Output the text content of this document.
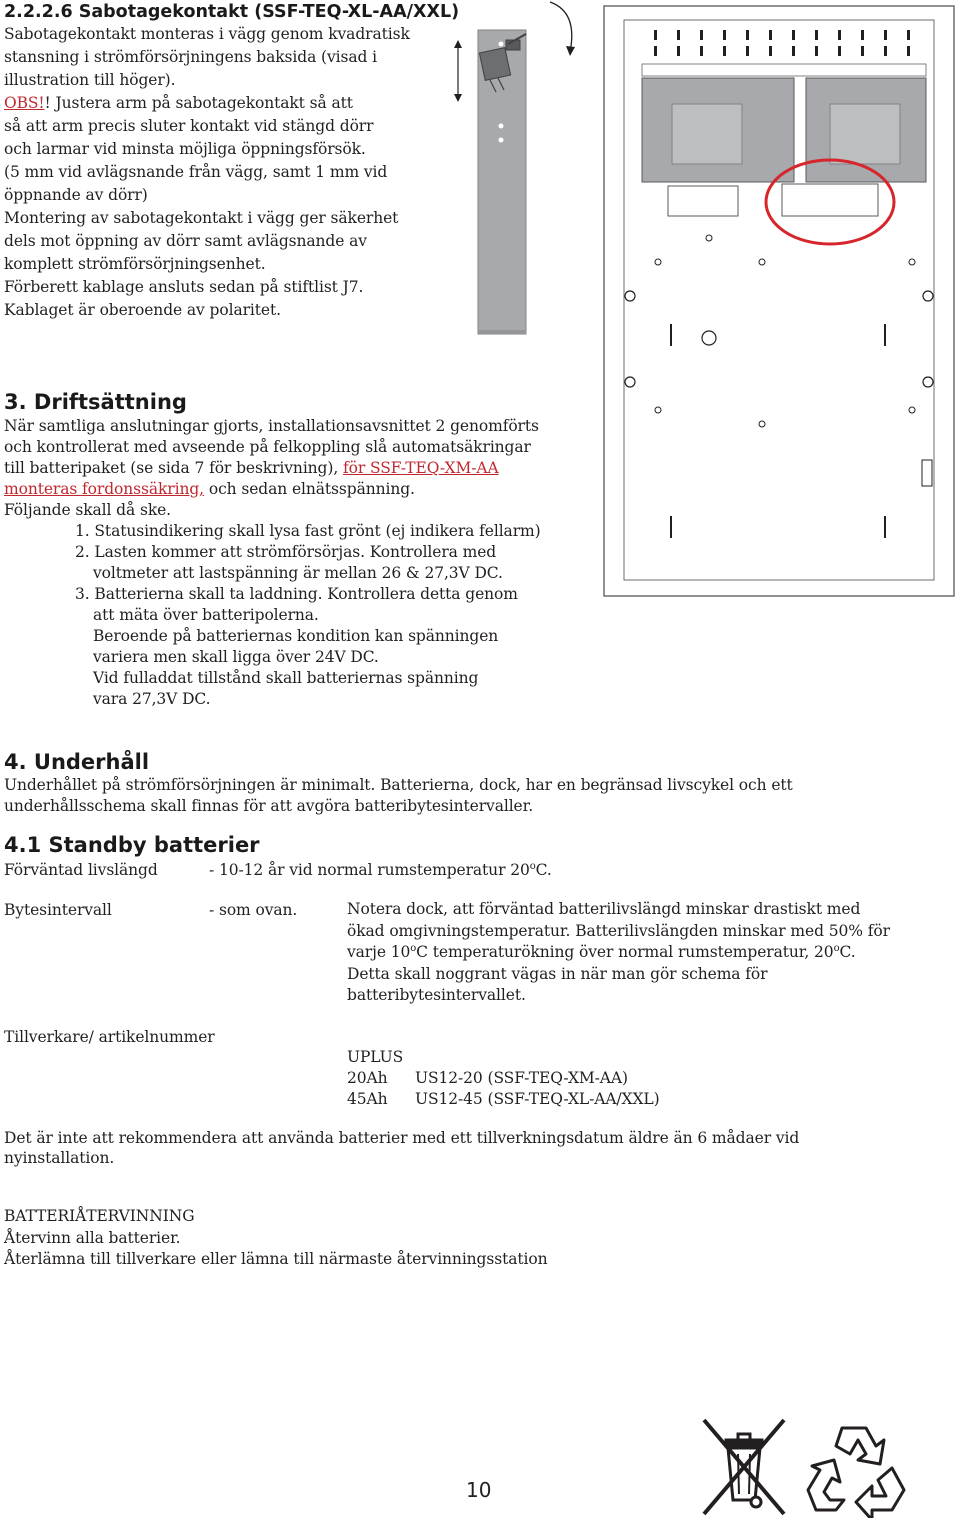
2.2.2.6 Sabotagekontakt (SSF-TEQ-XL-AA/XXL)
Sabotagekontakt monteras i vägg genom kvadratisk
stansning i strömförsörjningens baksida (visad i
illustration till höger).
OBS!! Justera arm på sabotagekontakt så att
så att arm precis sluter kontakt vid stängd dörr
och larmar vid minsta möjliga öppningsförsök.
(5 mm vid avlägsnande från vägg, samt 1 mm vid
öppnande av dörr)
Montering av sabotagekontakt i vägg ger säkerhet
dels mot öppning av dörr samt avlägsnande av
komplett strömförsörjningsenhet.
Förberett kablage ansluts sedan på stiftlist J7.
Kablaget är oberoende av polaritet.
3. Driftsättning
När samtliga anslutningar gjorts, installationsavsnittet 2 genomförts
och kontrollerat med avseende på felkoppling slå automatsäkringar
till batteripaket (se sida 7 för beskrivning), för SSF-TEQ-XM-AA
monteras fordonssäkring, och sedan elnätsspänning.
Följande skall då ske.
1. Statusindikering skall lysa fast grönt (ej indikera fellarm)
2. Lasten kommer att strömförsörjas. Kontrollera med
voltmeter att lastspänning är mellan 26 & 27,3V DC.
3. Batterierna skall ta laddning. Kontrollera detta genom
att mäta över batteripolerna.
Beroende på batteriernas kondition kan spänningen
variera men skall ligga över 24V DC.
Vid fulladdat tillstånd skall batteriernas spänning
vara 27,3V DC.
4. Underhåll
Underhållet på strömförsörjningen är minimalt. Batterierna, dock, har en begränsad livscykel och ett
underhållsschema skall finnas för att avgöra batteribytesintervaller.
4.1 Standby batterier
Förväntad livslängd	- 10-12 år vid normal rumstemperatur 20$^o$C.
Bytesintervall	- som ovan.	Notera dock, att förväntad batterilivslängd minskar drastiskt med
ökad omgivningstemperatur. Batterilivslängden minskar med 50% för
varje 10$^o$C temperaturökning över normal rumstemperatur, 20$^o$C.
Detta skall noggrant vägas in när man gör schema för
batteribytesintervallet.
Tillverkare/ artikelnummer
UPLUS
20Ah US12-20 (SSF-TEQ-XM-AA)
45Ah US12-45 (SSF-TEQ-XL-AA/XXL)
Det är inte att rekommendera att använda batterier med ett tillverkningsdatum äldre än 6 mådaer vid
nyinstallation.
BATTERIÅTERVINNING
Återvinn alla batterier.
Återlämna till tillverkare eller lämna till närmaste återvinningsstation
10
